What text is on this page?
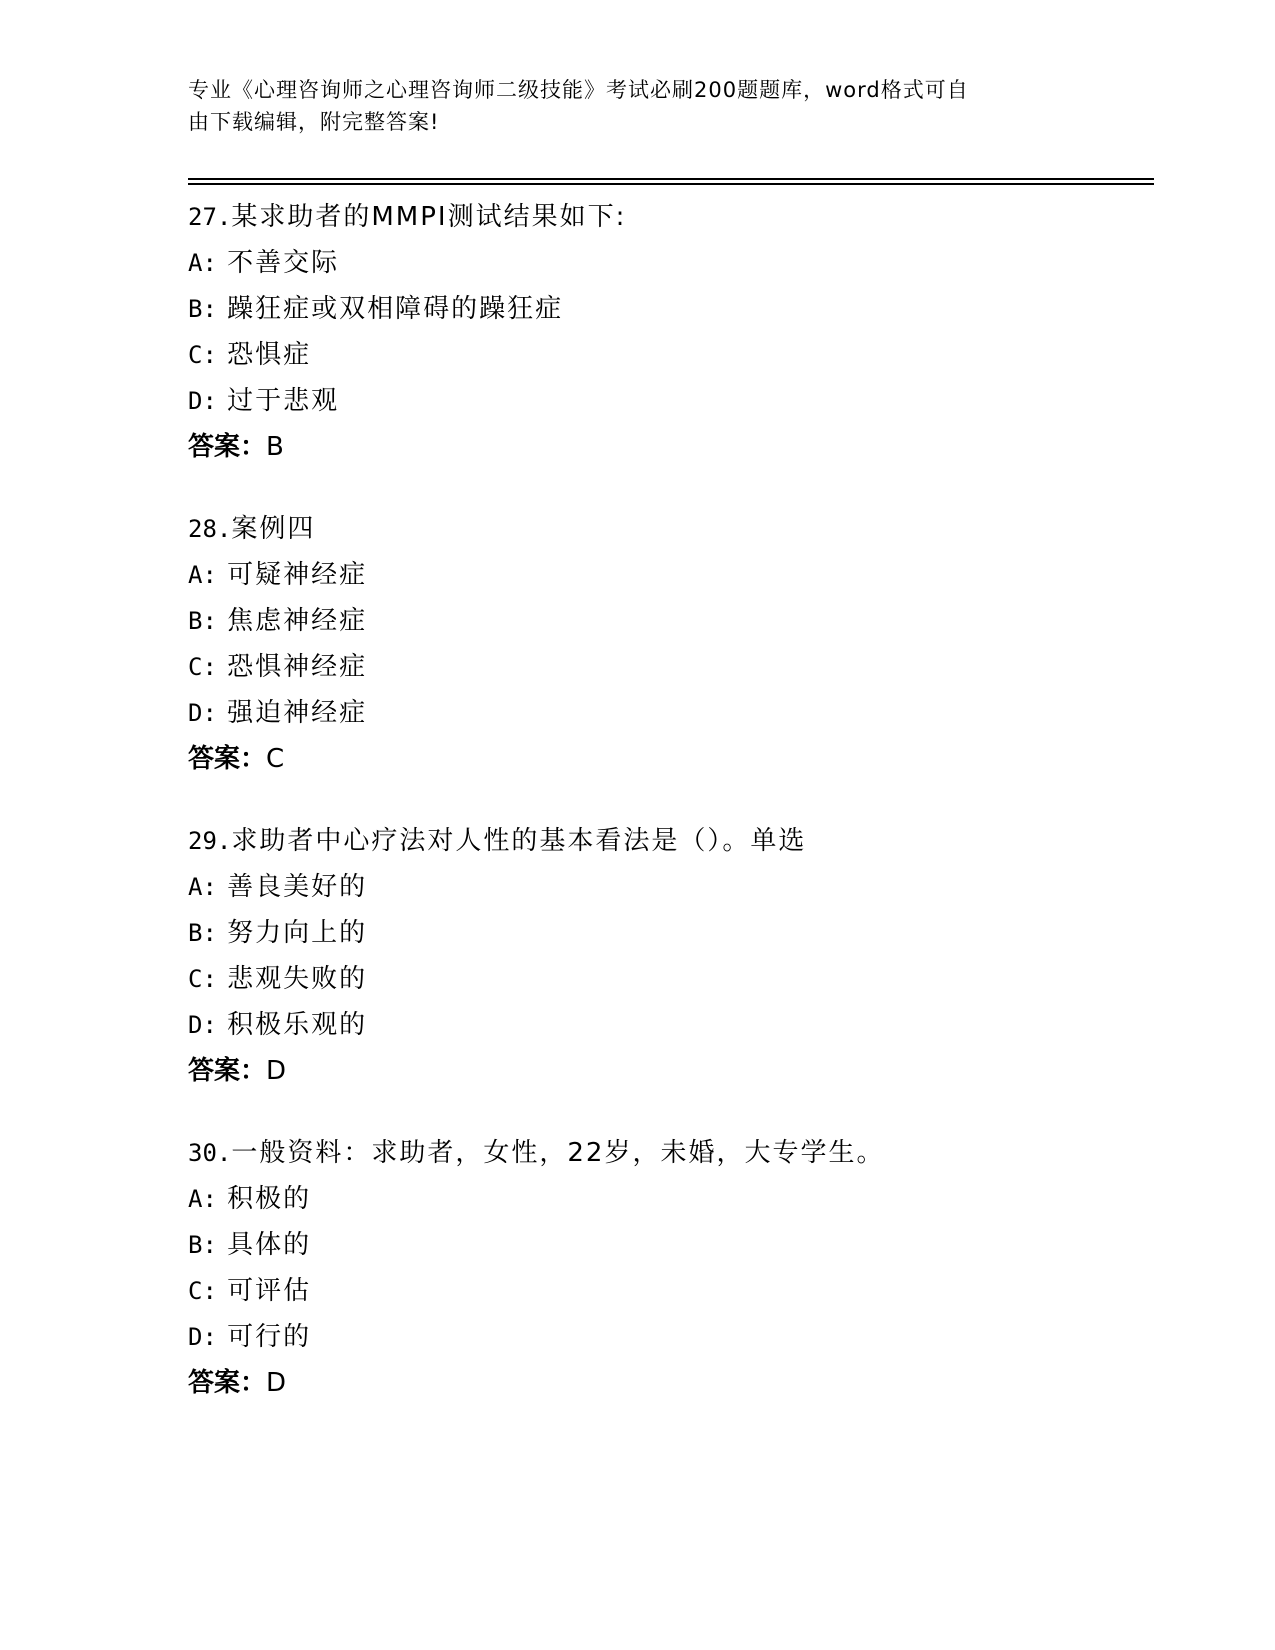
专业《心理咨询师之心理咨询师二级技能》考试必刷200题题库，word格式可自
由下载编辑，附完整答案!
27.某求助者的MMPI测试结果如下:
A: 不善交际
B: 躁狂症或双相障碍的躁狂症
C: 恐惧症
D: 过于悲观
答案：B
28.案例四
A: 可疑神经症
B: 焦虑神经症
C: 恐惧神经症
D: 强迫神经症
答案：C
29.求助者中心疗法对人性的基本看法是（）。单选
A: 善良美好的
B: 努力向上的
C: 悲观失败的
D: 积极乐观的
答案：D
30.一般资料：求助者，女性，22岁，未婚，大专学生。
A: 积极的
B: 具体的
C: 可评估
D: 可行的
答案：D
